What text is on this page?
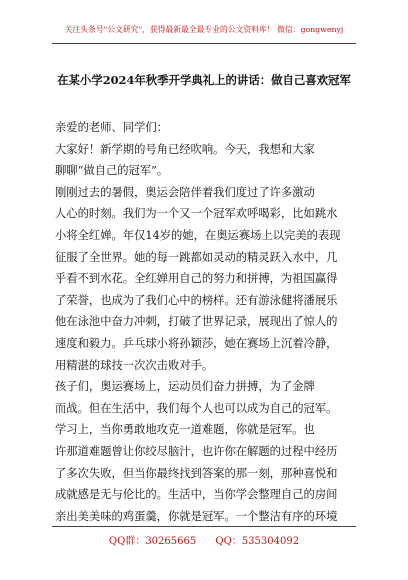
关注头条号"公文研究"，获得最新最全最专业的公文资料库！ 微信：gongwenyj
在某小学2024年秋季开学典礼上的讲话：做自己喜欢冠军
亲爱的老师、同学们：
大家好！新学期的号角已经吹响。今天，我想和大家
聊聊“做自己的冠军”。
刚刚过去的暑假，奥运会陪伴着我们度过了许多激动
人心的时刻。我们为一个又一个冠军欢呼喝彩，比如跳水
小将全红婵。年仅14岁的她，在奥运赛场上以完美的表现
征服了全世界。她的每一跳都如灵动的精灵跃入水中，几
乎看不到水花。全红婵用自己的努力和拼搏，为祖国赢得
了荣誉，也成为了我们心中的榜样。还有游泳健将潘展乐
他在泳池中奋力冲刺，打破了世界记录，展现出了惊人的
速度和毅力。乒乓球小将孙颖莎，她在赛场上沉着冷静，
用精湛的球技一次次击败对手。
孩子们，奥运赛场上，运动员们奋力拼搏，为了金牌
而战。但在生活中，我们每个人也可以成为自己的冠军。
学习上，当你勇敢地攻克一道难题，你就是冠军。也
许那道难题曾让你绞尽脑汁，也许你在解题的过程中经历
了多次失败，但当你最终找到答案的那一刻，那种喜悦和
成就感是无与伦比的。生活中，当你学会整理自己的房间
亲出美美味的鸡蛋羹，你就是冠军。一个整洁有序的环境
QQ群：30265665 QQ：535304092
